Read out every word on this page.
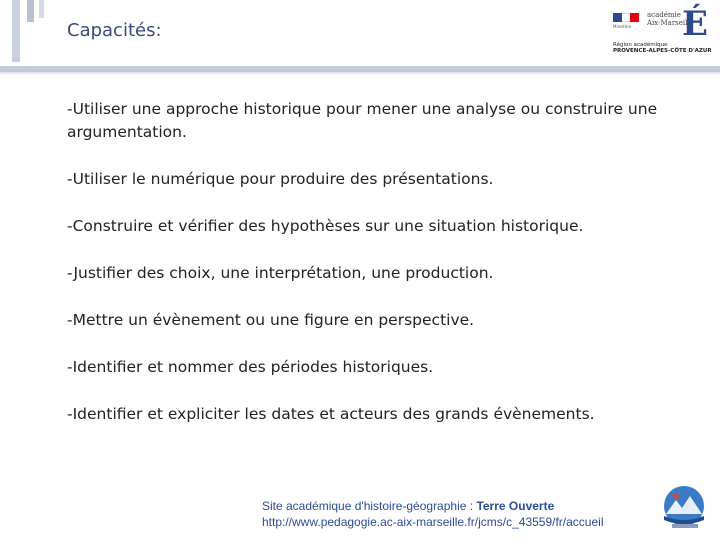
Capacités:	Ministère
académie
Aix-Marseille
É
Région académique
PROVENCE-ALPES-CÔTE D'AZUR
-Utiliser une approche historique pour mener une analyse ou construire une argumentation.
-Utiliser le numérique pour produire des présentations.
-Construire et vérifier des hypothèses sur une situation historique.
-Justifier des choix, une interprétation, une production.
-Mettre un évènement ou une figure en perspective.
-Identifier et nommer des périodes historiques.
-Identifier et expliciter les dates et acteurs des grands évènements.
Site académique d'histoire-géographie : Terre Ouverte
http://www.pedagogie.ac-aix-marseille.fr/jcms/c_43559/fr/accueil
